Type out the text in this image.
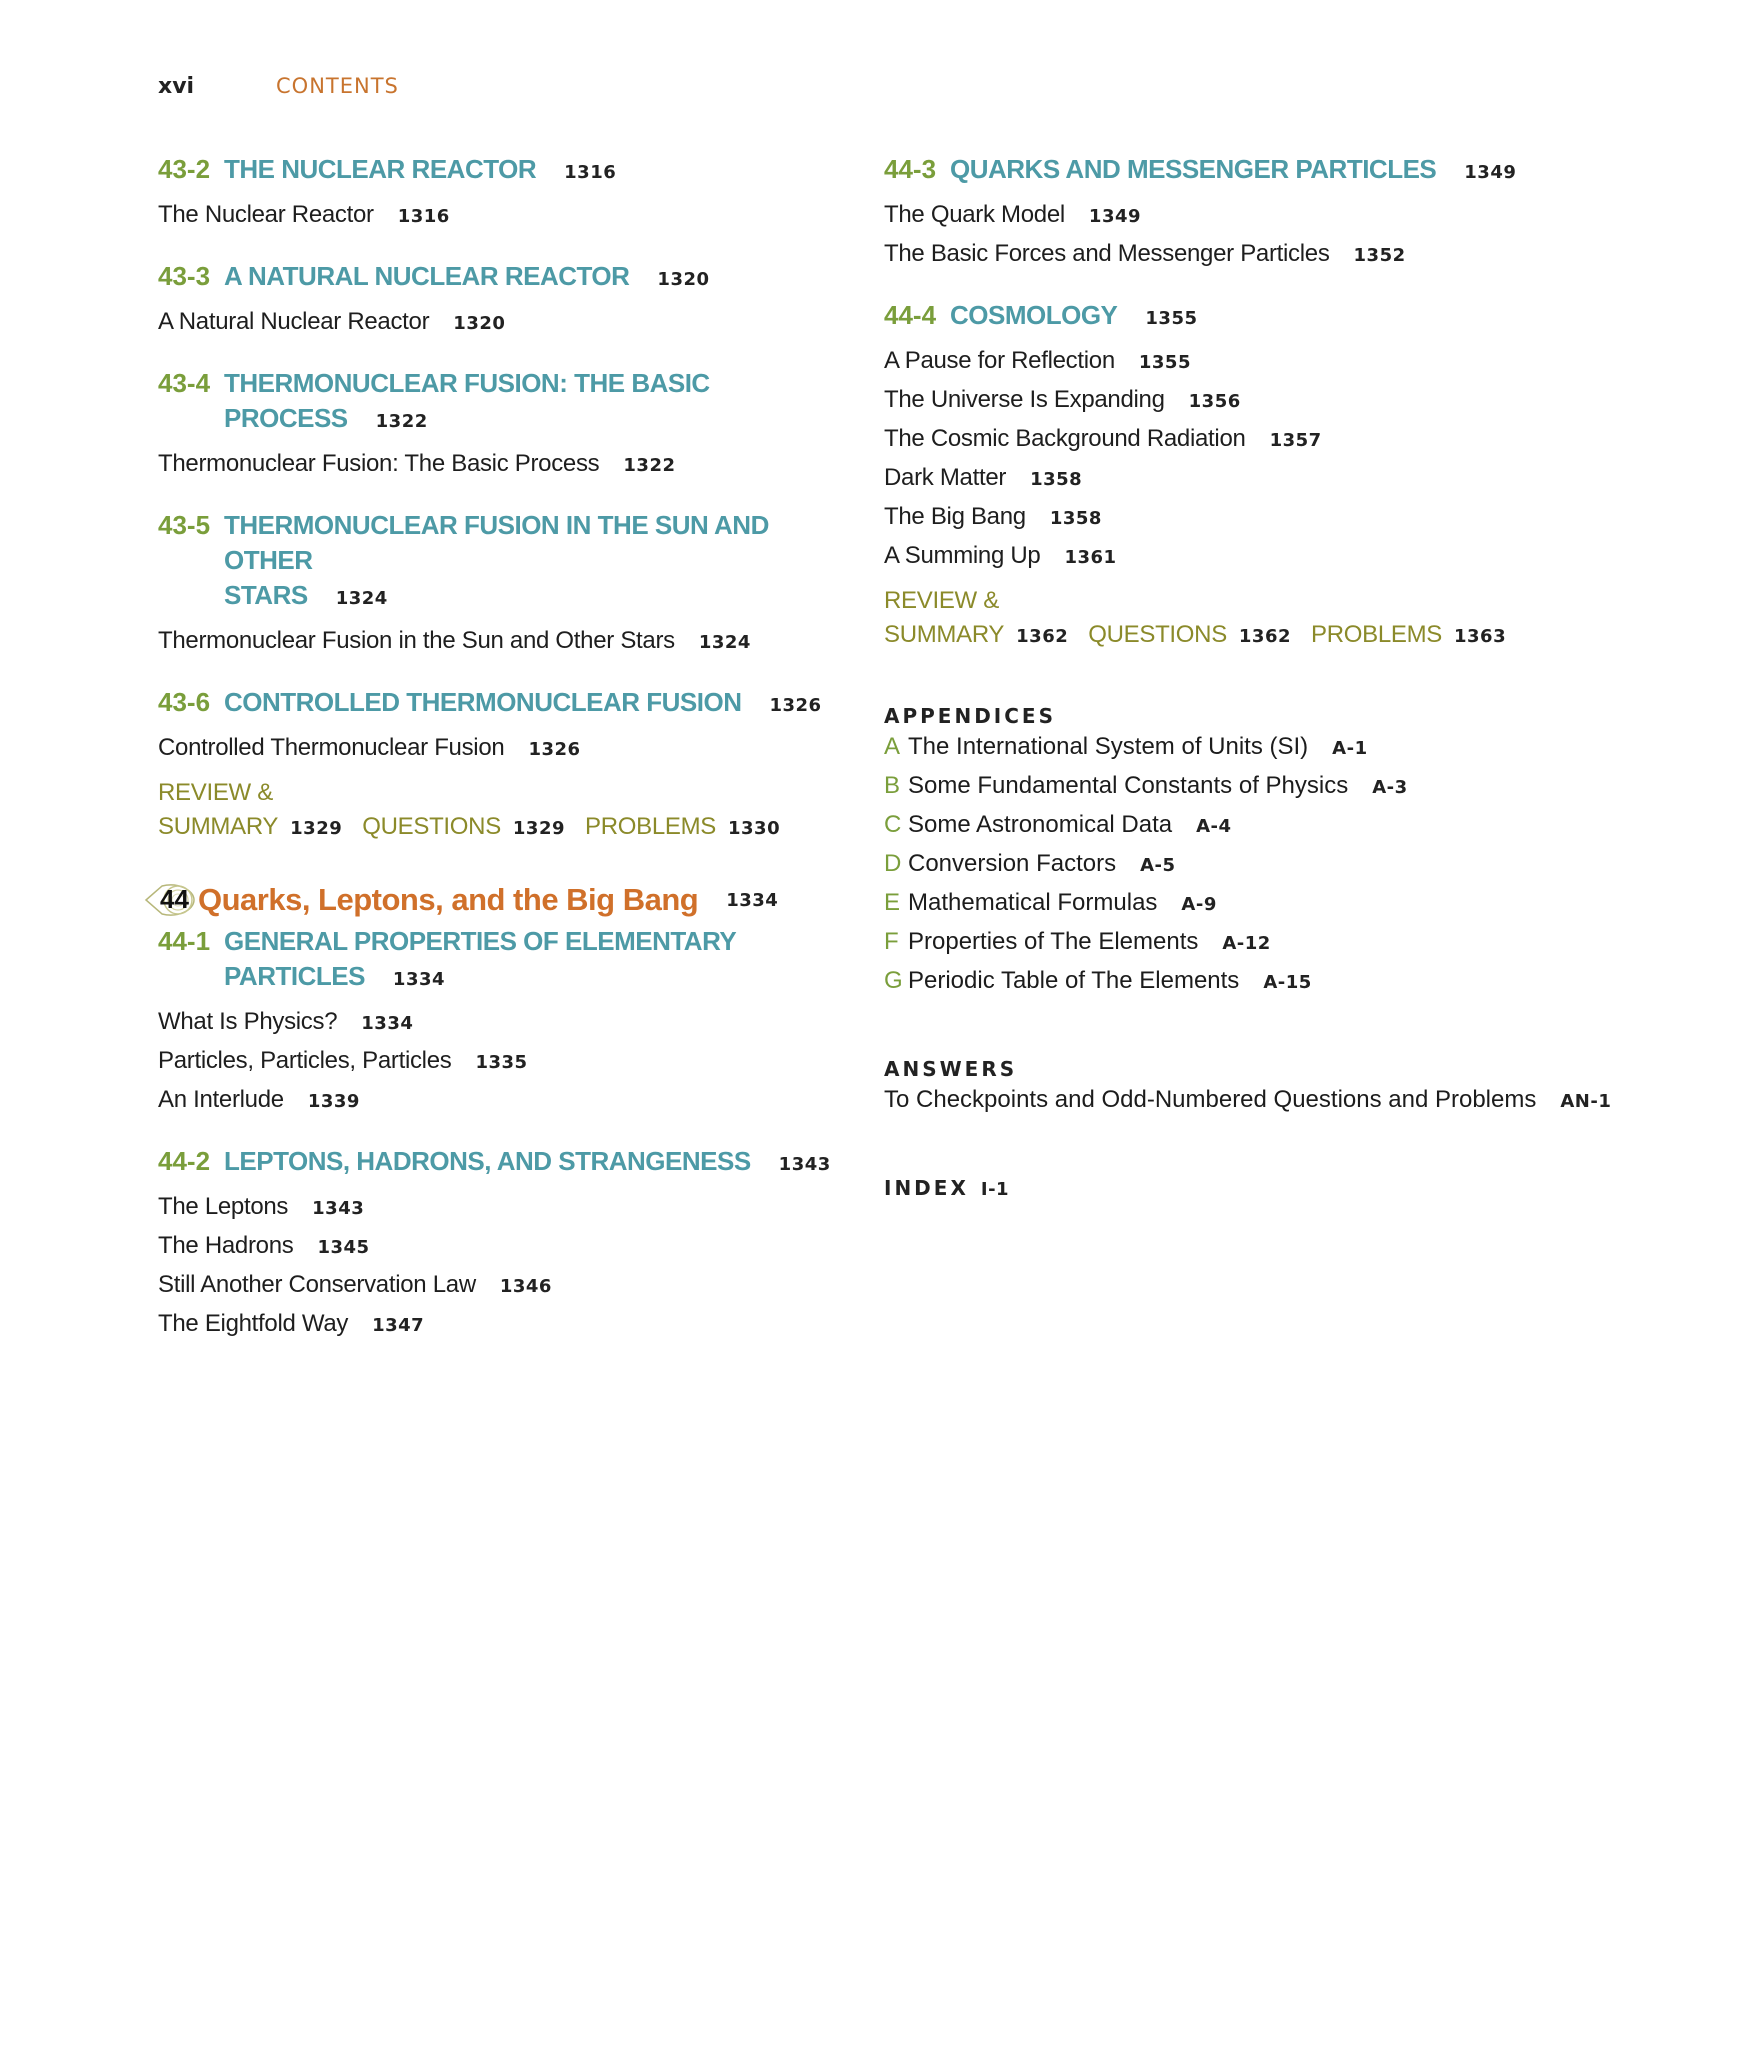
xvi	CONTENTS
43-2 THE NUCLEAR REACTOR 1316
The Nuclear Reactor 1316
43-3 A NATURAL NUCLEAR REACTOR 1320
A Natural Nuclear Reactor 1320
43-4 THERMONUCLEAR FUSION: THE BASIC
PROCESS 1322
Thermonuclear Fusion: The Basic Process 1322
43-5 THERMONUCLEAR FUSION IN THE SUN AND OTHER
STARS 1324
Thermonuclear Fusion in the Sun and Other Stars 1324
43-6 CONTROLLED THERMONUCLEAR FUSION 1326
Controlled Thermonuclear Fusion 1326
REVIEW & SUMMARY 1329 QUESTIONS 1329 PROBLEMS 1330
44 Quarks, Leptons, and the Big Bang 1334
44-1 GENERAL PROPERTIES OF ELEMENTARY
PARTICLES 1334
What Is Physics? 1334
Particles, Particles, Particles 1335
An Interlude 1339
44-2 LEPTONS, HADRONS, AND STRANGENESS 1343
The Leptons 1343
The Hadrons 1345
Still Another Conservation Law 1346
The Eightfold Way 1347
44-3 QUARKS AND MESSENGER PARTICLES 1349
The Quark Model 1349
The Basic Forces and Messenger Particles 1352
44-4 COSMOLOGY 1355
A Pause for Reflection 1355
The Universe Is Expanding 1356
The Cosmic Background Radiation 1357
Dark Matter 1358
The Big Bang 1358
A Summing Up 1361
REVIEW & SUMMARY 1362 QUESTIONS 1362 PROBLEMS 1363
APPENDICES
A The International System of Units (SI) A-1
B Some Fundamental Constants of Physics A-3
C Some Astronomical Data A-4
D Conversion Factors A-5
E Mathematical Formulas A-9
F Properties of The Elements A-12
G Periodic Table of The Elements A-15
ANSWERS
To Checkpoints and Odd-Numbered Questions and Problems AN-1
INDEX I-1
